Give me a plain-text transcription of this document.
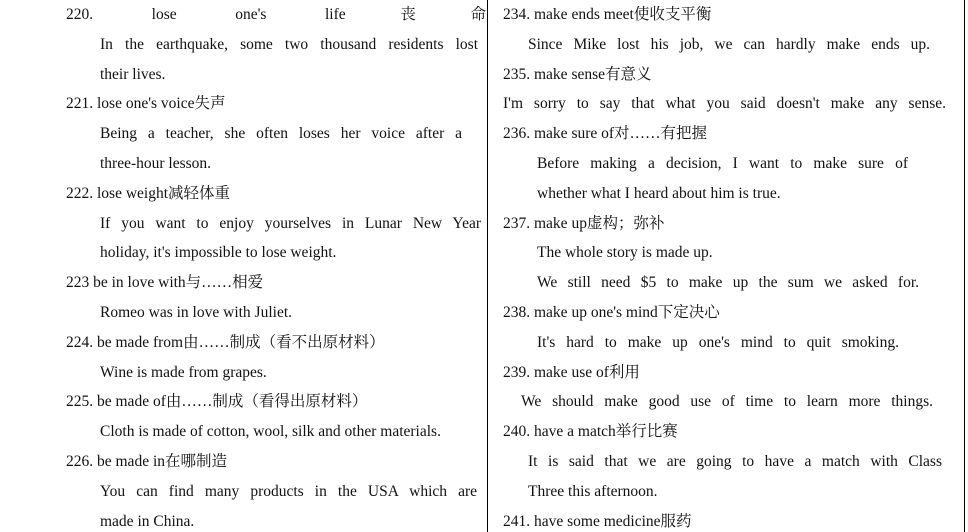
220. lose one's life丧命
In the earthquake, some two thousand residents lost
their lives.
221. lose one's voice失声
Being a teacher, she often loses her voice after a
three-hour lesson.
222. lose weight减轻体重
If you want to enjoy yourselves in Lunar New Year
holiday, it's impossible to lose weight.
223 be in love with与……相爱
Romeo was in love with Juliet.
224. be made from由……制成（看不出原材料）
Wine is made from grapes.
225. be made of由……制成（看得出原材料）
Cloth is made of cotton, wool, silk and other materials.
226. be made in在哪制造
You can find many products in the USA which are
made in China.
234. make ends meet使收支平衡
Since Mike lost his job, we can hardly make ends up.
235. make sense有意义
I'm sorry to say that what you said doesn't make any sense.
236. make sure of对……有把握
Before making a decision, I want to make sure of
whether what I heard about him is true.
237. make up虚构；弥补
The whole story is made up.
We still need $5 to make up the sum we asked for.
238. make up one's mind下定决心
It's hard to make up one's mind to quit smoking.
239. make use of利用
We should make good use of time to learn more things.
240. have a match举行比赛
It is said that we are going to have a match with Class
Three this afternoon.
241. have some medicine服药
